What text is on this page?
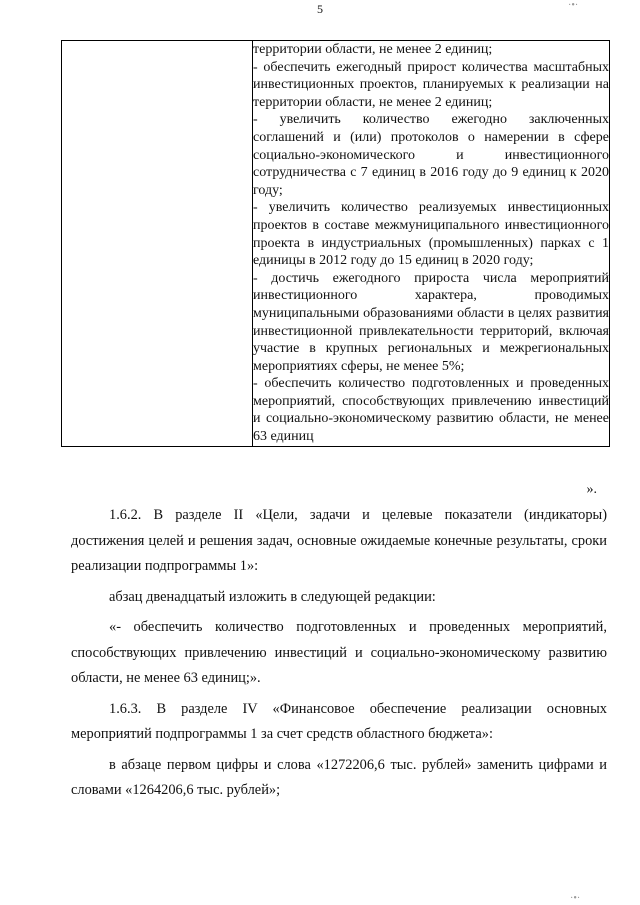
5

территории области, не менее 2 единиц;
- обеспечить ежегодный прирост количества масштабных инвестиционных проектов, планируемых к реализации на территории области, не менее 2 единиц;
- увеличить количество ежегодно заключенных соглашений и (или) протоколов о намерении в сфере социально-экономического и инвестиционного сотрудничества с 7 единиц в 2016 году до 9 единиц к 2020 году;
- увеличить количество реализуемых инвестиционных проектов в составе межмуниципального инвестиционного проекта в индустриальных (промышленных) парках с 1 единицы в 2012 году до 15 единиц в 2020 году;
- достичь ежегодного прироста числа мероприятий инвестиционного характера, проводимых муниципальными образованиями области в целях развития инвестиционной привлекательности территорий, включая участие в крупных региональных и межрегиональных мероприятиях сферы, не менее 5%;
- обеспечить количество подготовленных и проведенных мероприятий, способствующих привлечению инвестиций и социально-экономическому развитию области, не менее 63 единиц
».

1.6.2. В разделе II «Цели, задачи и целевые показатели (индикаторы) достижения целей и решения задач, основные ожидаемые конечные результаты, сроки реализации подпрограммы 1»:

абзац двенадцатый изложить в следующей редакции:

«- обеспечить количество подготовленных и проведенных мероприятий, способствующих привлечению инвестиций и социально-экономическому развитию области, не менее 63 единиц;».

1.6.3. В разделе IV «Финансовое обеспечение реализации основных мероприятий подпрограммы 1 за счет средств областного бюджета»:

в абзаце первом цифры и слова «1272206,6 тыс. рублей» заменить цифрами и словами «1264206,6 тыс. рублей»;

·•·
·•·
